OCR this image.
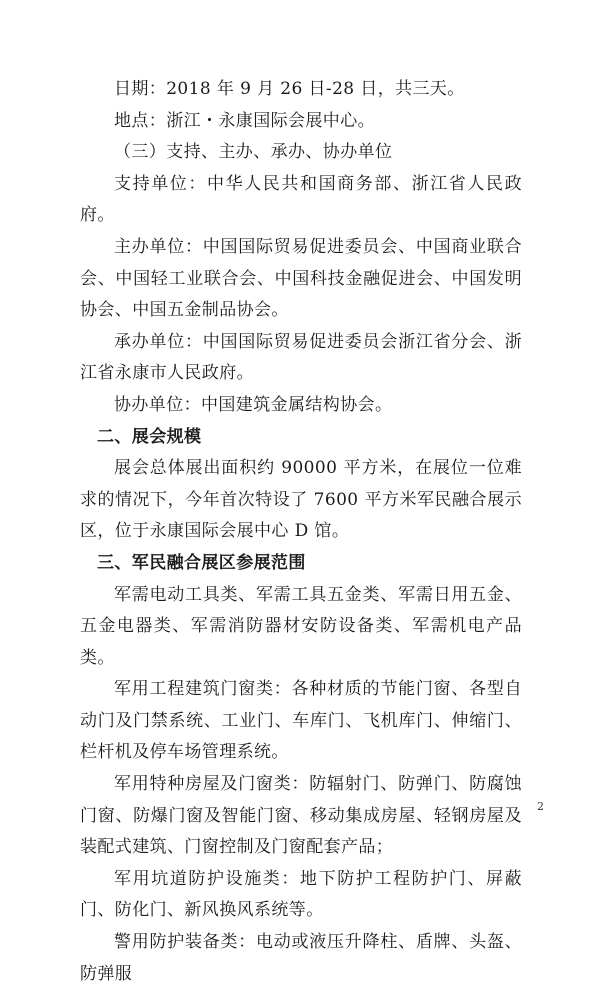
日期：2018 年 9 月 26 日-28 日，共三天。

地点：浙江・永康国际会展中心。

（三）支持、主办、承办、协办单位

支持单位：中华人民共和国商务部、浙江省人民政府。

主办单位：中国国际贸易促进委员会、中国商业联合会、中国轻工业联合会、中国科技金融促进会、中国发明协会、中国五金制品协会。

承办单位：中国国际贸易促进委员会浙江省分会、浙江省永康市人民政府。

协办单位：中国建筑金属结构协会。

二、展会规模

展会总体展出面积约 90000 平方米，在展位一位难求的情况下，今年首次特设了 7600 平方米军民融合展示区，位于永康国际会展中心 D 馆。

三、军民融合展区参展范围

军需电动工具类、军需工具五金类、军需日用五金、五金电器类、军需消防器材安防设备类、军需机电产品类。

军用工程建筑门窗类：各种材质的节能门窗、各型自动门及门禁系统、工业门、车库门、飞机库门、伸缩门、栏杆机及停车场管理系统。

军用特种房屋及门窗类：防辐射门、防弹门、防腐蚀门窗、防爆门窗及智能门窗、移动集成房屋、轻钢房屋及装配式建筑、门窗控制及门窗配套产品；

军用坑道防护设施类：地下防护工程防护门、屏蔽门、防化门、新风换风系统等。

警用防护装备类：电动或液压升降柱、盾牌、头盔、防弹服

2
